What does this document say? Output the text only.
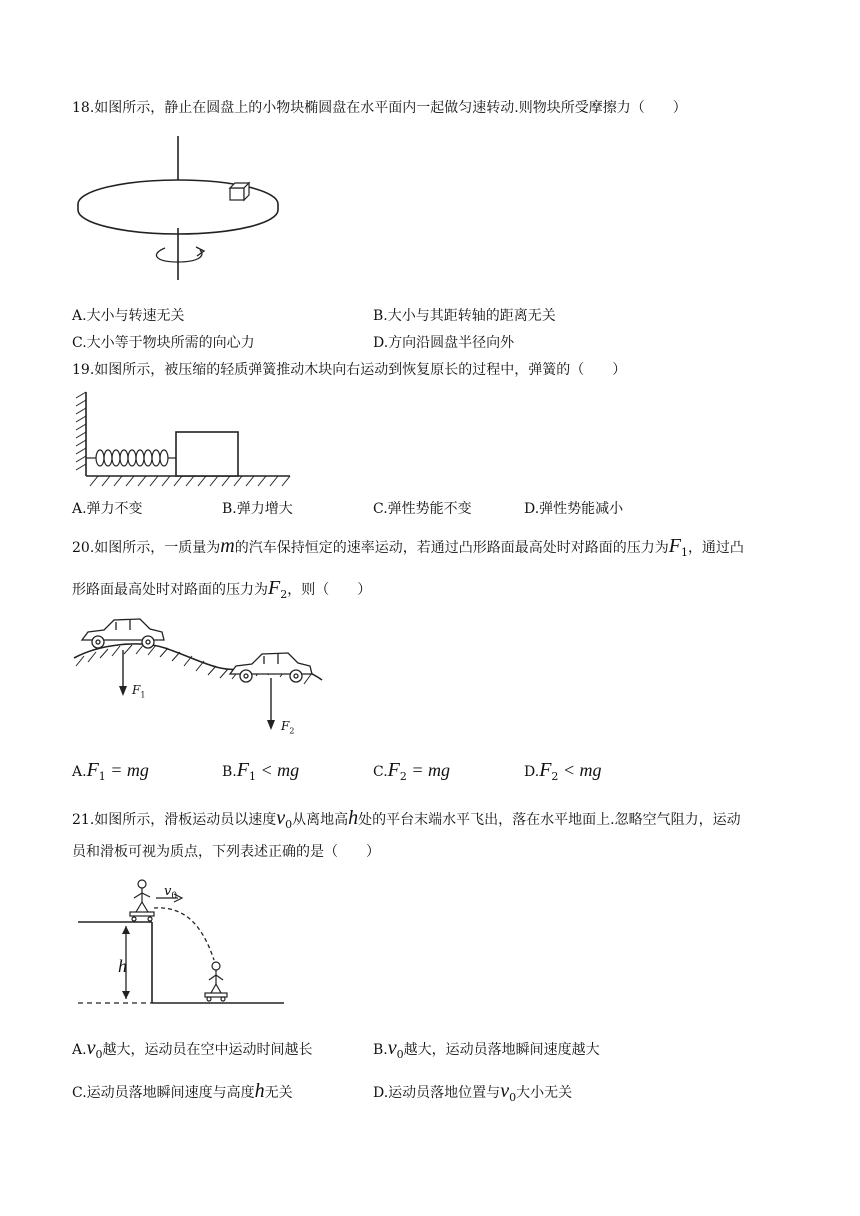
18.如图所示，静止在圆盘上的小物块椭圆盘在水平面内一起做匀速转动.则物块所受摩擦力（　　）
A.大小与转速无关	B.大小与其距转轴的距离无关
C.大小等于物块所需的向心力	D.方向沿圆盘半径向外
19.如图所示，被压缩的轻质弹簧推动木块向右运动到恢复原长的过程中，弹簧的（　　）
A.弹力不变	B.弹力增大	C.弹性势能不变	D.弹性势能减小
20.如图所示，一质量为m的汽车保持恒定的速率运动，若通过凸形路面最高处时对路面的压力为$F_1$，通过凸
形路面最高处时对路面的压力为$F_2$，则（　　）
$F_1$
$F_2$
$A.F_1$ = mg	$B.F_1$ < mg	$C.F_2$ = mg	$D.F_2$ < mg
21.如图所示，滑板运动员以速度$v_0$从离地高h处的平台末端水平飞出，落在水平地面上.忽略空气阻力，运动
员和滑板可视为质点，下列表述正确的是（　　）
$v_0$
h
$A.v_0$越大，运动员在空中运动时间越长	$B.v_0$越大，运动员落地瞬间速度越大
C.运动员落地瞬间速度与高度h无关	D.运动员落地位置与$v_0$大小无关
